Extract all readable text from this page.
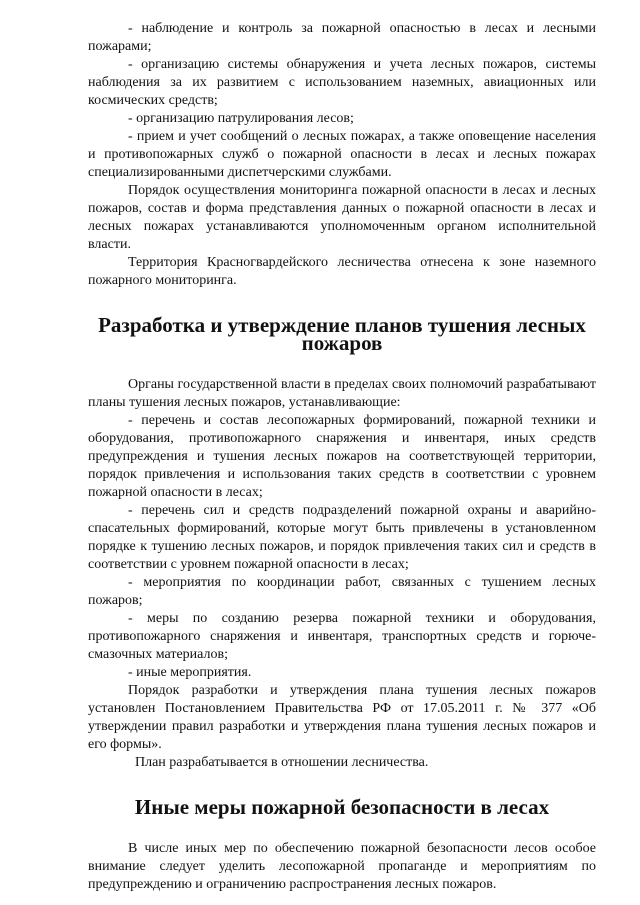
- наблюдение и контроль за пожарной опасностью в лесах и лесными пожарами;

- организацию системы обнаружения и учета лесных пожаров, системы наблюдения за их развитием с использованием наземных, авиационных или космических средств;

- организацию патрулирования лесов;

- прием и учет сообщений о лесных пожарах, а также оповещение населения и противопожарных служб о пожарной опасности в лесах и лесных пожарах специализированными диспетчерскими службами.

Порядок осуществления мониторинга пожарной опасности в лесах и лесных пожаров, состав и форма представления данных о пожарной опасности в лесах и лесных пожарах устанавливаются уполномоченным органом исполнительной власти.

Территория Красногвардейского лесничества отнесена к зоне наземного пожарного мониторинга.

Разработка и утверждение планов тушения лесных пожаров

Органы государственной власти в пределах своих полномочий разрабатывают планы тушения лесных пожаров, устанавливающие:

- перечень и состав лесопожарных формирований, пожарной техники и оборудования, противопожарного снаряжения и инвентаря, иных средств предупреждения и тушения лесных пожаров на соответствующей территории, порядок привлечения и использования таких средств в соответствии с уровнем пожарной опасности в лесах;

- перечень сил и средств подразделений пожарной охраны и аварийно-спасательных формирований, которые могут быть привлечены в установленном порядке к тушению лесных пожаров, и порядок привлечения таких сил и средств в соответствии с уровнем пожарной опасности в лесах;

- мероприятия по координации работ, связанных с тушением лесных пожаров;

- меры по созданию резерва пожарной техники и оборудования, противопожарного снаряжения и инвентаря, транспортных средств и горюче-смазочных материалов;

- иные мероприятия.

Порядок разработки и утверждения плана тушения лесных пожаров установлен Постановлением Правительства РФ от 17.05.2011 г. № 377 «Об утверждении правил разработки и утверждения плана тушения лесных пожаров и его формы».

План разрабатывается в отношении лесничества.

Иные меры пожарной безопасности в лесах

В числе иных мер по обеспечению пожарной безопасности лесов особое внимание следует уделить лесопожарной пропаганде и мероприятиям по предупреждению и ограничению распространения лесных пожаров.
